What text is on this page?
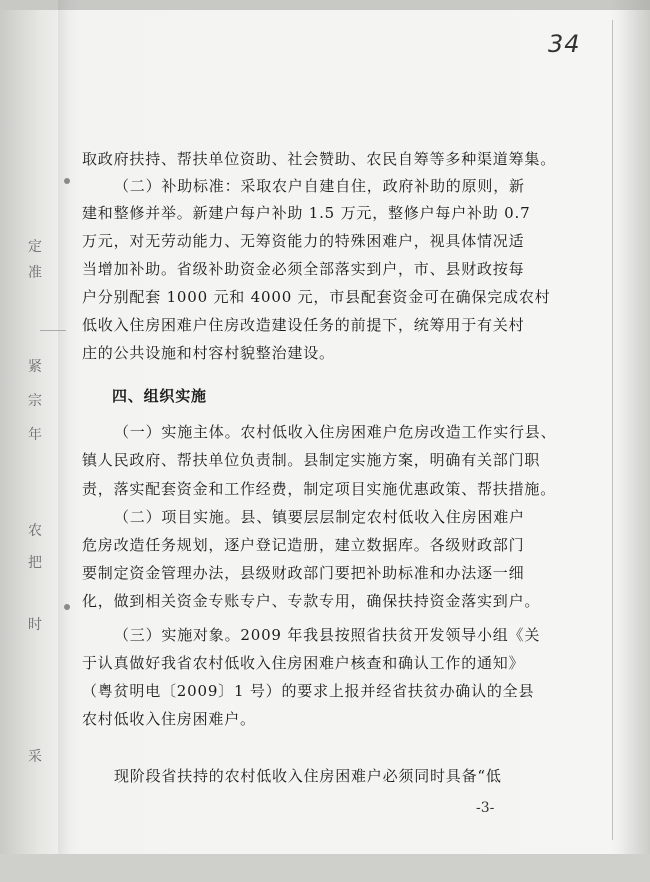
34
定
准
紧
宗
年
农
把
时
采
取政府扶持、帮扶单位资助、社会赞助、农民自筹等多种渠道筹集。
（二）补助标准：采取农户自建自住，政府补助的原则，新
建和整修并举。新建户每户补助 1.5 万元，整修户每户补助 0.7
万元，对无劳动能力、无筹资能力的特殊困难户，视具体情况适
当增加补助。省级补助资金必须全部落实到户，市、县财政按每
户分别配套 1000 元和 4000 元，市县配套资金可在确保完成农村
低收入住房困难户住房改造建设任务的前提下，统筹用于有关村
庄的公共设施和村容村貌整治建设。
四、组织实施
（一）实施主体。农村低收入住房困难户危房改造工作实行县、
镇人民政府、帮扶单位负责制。县制定实施方案，明确有关部门职
责，落实配套资金和工作经费，制定项目实施优惠政策、帮扶措施。
（二）项目实施。县、镇要层层制定农村低收入住房困难户
危房改造任务规划，逐户登记造册，建立数据库。各级财政部门
要制定资金管理办法，县级财政部门要把补助标准和办法逐一细
化，做到相关资金专账专户、专款专用，确保扶持资金落实到户。
（三）实施对象。2009 年我县按照省扶贫开发领导小组《关
于认真做好我省农村低收入住房困难户核查和确认工作的通知》
（粤贫明电〔2009〕1 号）的要求上报并经省扶贫办确认的全县
农村低收入住房困难户。
现阶段省扶持的农村低收入住房困难户必须同时具备“低
-3-
